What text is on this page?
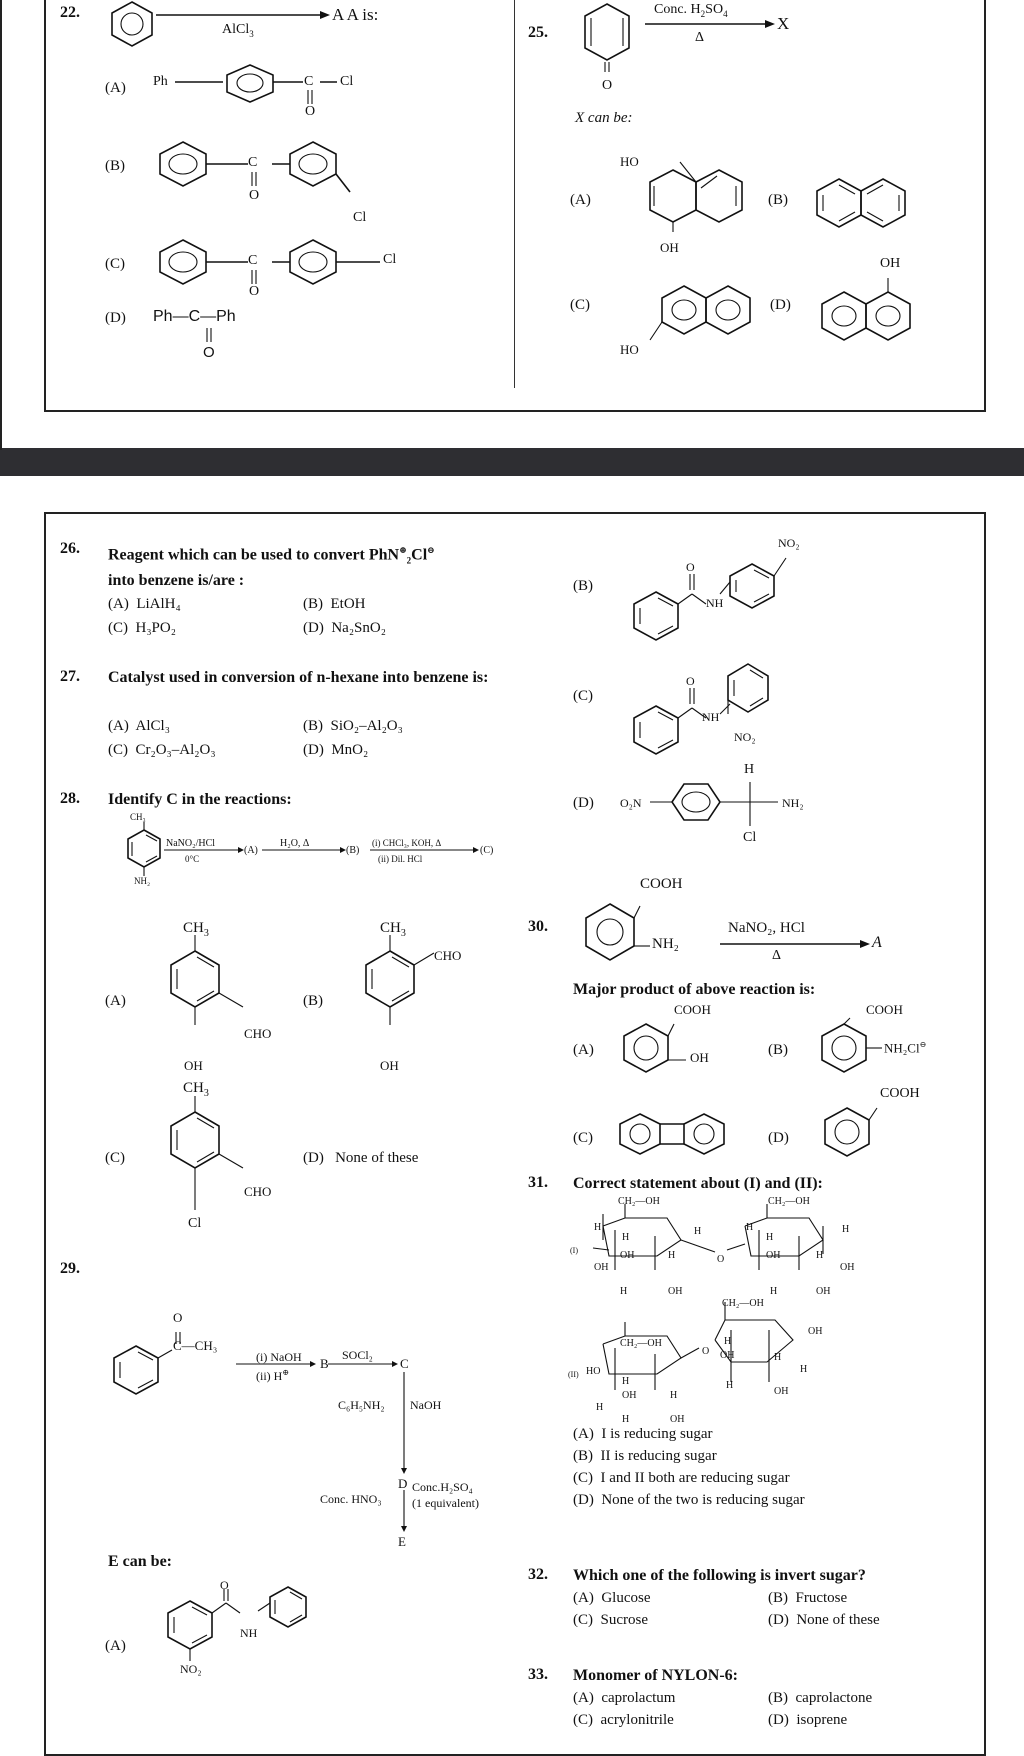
22.
AlCl$_3$
A A is:
(A) Ph	C
O
Cl
(B)	C
O
Cl
(C)	C
O
Cl
(D) Ph—C—Ph
O
25.
Conc. $H_2SO_4$
Δ
X
O
X can be:
(A)
HO
OH
(B)
(C)
HO
(D)
OH
26. Reagent which can be used to convert PhN⊕$_2$Cl⊖
into benzene is/are :
(A) LiAlH₄	(B) EtOH
(C) H₃PO₂	(D) Na₂SnO₂
27. Catalyst used in conversion of n-hexane into benzene is:
(A) AlCl₃	(B) SiO₂–Al₂O₃
(C) Cr₂O₃–Al₂O₃	(D) MnO₂
28. Identify C in the reactions:
CH₃
NH₂
NaNO₂/HCl
0°C
(A)
H₂O, Δ
(B)
(i) CHCl₃, KOH, Δ
(ii) Dil. HCl
(C)
(A)
$CH_3$
CHO
OH
(B)
$CH_3$
CHO
OH
(C)
$CH_3$
CHO
Cl
(D) None of these
29.
O
C—CH₃
(i) NaOH
(ii) H⊕
B
SOCl₂
C
C₆H₅NH₂ NaOH
D
Conc. HNO₃
Conc.H₂SO₄
(1 equivalent)
E
E can be:
(A)
O
NH
NO₂
(B)
O
NH
NO₂
(C)
O
NH
NO₂
(D) O₂N
H
Cl
NH₂
30.
COOH
NH₂
NaNO₂, HCl
Δ
A
Major product of above reaction is:
(A)
COOH
OH	(B)
COOH
NH₂Cl⊖
(C)	(D)
COOH
31. Correct statement about (I) and (II):
(I)
CH₂—OH	CH₂—OH
H
H
OH	H
H
OH
H	OH
O
H
H
OH	H
H
OH
H	OH
(II) HO
CH₂—OH
CH₂—OH
H
OH	H
H
H	OH
O
H
OH	H
OH
H
H
OH
(A) I is reducing sugar
(B) II is reducing sugar
(C) I and II both are reducing sugar
(D) None of the two is reducing sugar
32. Which one of the following is invert sugar?
(A) Glucose	(B) Fructose
(C) Sucrose	(D) None of these
33. Monomer of NYLON-6:
(A) caprolactum	(B) caprolactone
(C) acrylonitrile	(D) isoprene
